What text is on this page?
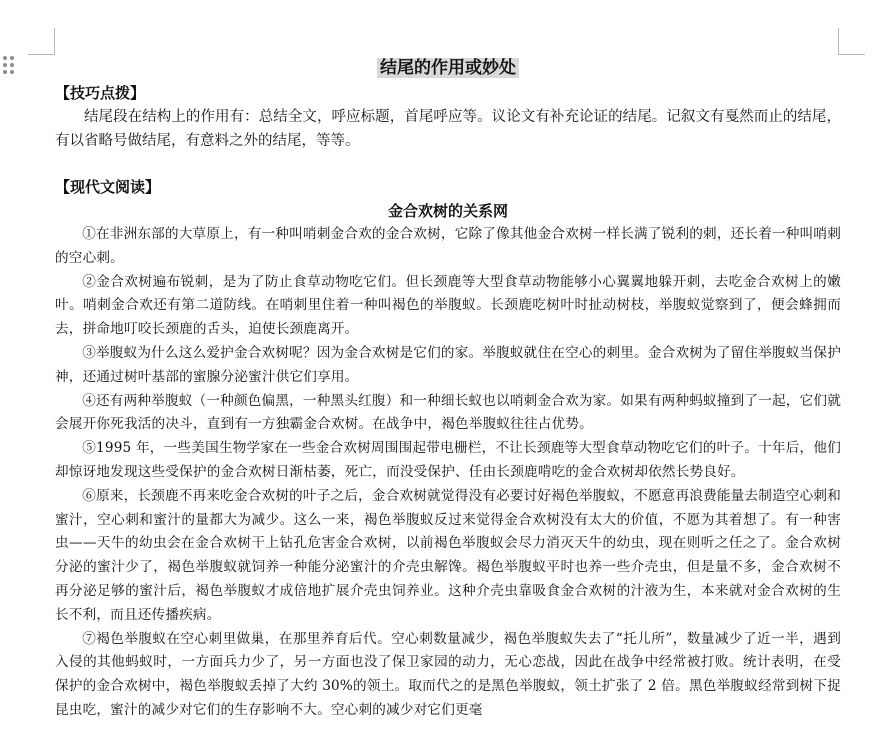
结尾的作用或妙处

【技巧点拨】

结尾段在结构上的作用有：总结全文，呼应标题，首尾呼应等。议论文有补充论证的结尾。记叙文有戛然而止的结尾，有以省略号做结尾，有意料之外的结尾，等等。

【现代文阅读】

金合欢树的关系网

①在非洲东部的大草原上，有一种叫哨刺金合欢的金合欢树，它除了像其他金合欢树一样长满了锐利的刺，还长着一种叫哨刺的空心刺。

②金合欢树遍布锐刺，是为了防止食草动物吃它们。但长颈鹿等大型食草动物能够小心翼翼地躲开刺，去吃金合欢树上的嫩叶。哨刺金合欢还有第二道防线。在哨刺里住着一种叫褐色的举腹蚁。长颈鹿吃树叶时扯动树枝，举腹蚁觉察到了，便会蜂拥而去，拼命地叮咬长颈鹿的舌头，迫使长颈鹿离开。

③举腹蚁为什么这么爱护金合欢树呢？因为金合欢树是它们的家。举腹蚁就住在空心的刺里。金合欢树为了留住举腹蚁当保护神，还通过树叶基部的蜜腺分泌蜜汁供它们享用。

④还有两种举腹蚁（一种颜色偏黑，一种黑头红腹）和一种细长蚁也以哨刺金合欢为家。如果有两种蚂蚁撞到了一起，它们就会展开你死我活的决斗，直到有一方独霸金合欢树。在战争中，褐色举腹蚁往往占优势。

⑤1995 年，一些美国生物学家在一些金合欢树周围围起带电栅栏，不让长颈鹿等大型食草动物吃它们的叶子。十年后，他们却惊讶地发现这些受保护的金合欢树日渐枯萎，死亡，而没受保护、任由长颈鹿啃吃的金合欢树却依然长势良好。

⑥原来，长颈鹿不再来吃金合欢树的叶子之后，金合欢树就觉得没有必要讨好褐色举腹蚁，不愿意再浪费能量去制造空心刺和蜜汁，空心刺和蜜汁的量都大为减少。这么一来，褐色举腹蚁反过来觉得金合欢树没有太大的价值，不愿为其着想了。有一种害虫——天牛的幼虫会在金合欢树干上钻孔危害金合欢树，以前褐色举腹蚁会尽力消灭天牛的幼虫，现在则听之任之了。金合欢树分泌的蜜汁少了，褐色举腹蚁就饲养一种能分泌蜜汁的介壳虫解馋。褐色举腹蚁平时也养一些介壳虫，但是量不多，金合欢树不再分泌足够的蜜汁后，褐色举腹蚁才成倍地扩展介壳虫饲养业。这种介壳虫靠吸食金合欢树的汁液为生，本来就对金合欢树的生长不利，而且还传播疾病。

⑦褐色举腹蚁在空心刺里做巢，在那里养育后代。空心刺数量减少，褐色举腹蚁失去了“托儿所”，数量减少了近一半，遇到入侵的其他蚂蚁时，一方面兵力少了，另一方面也没了保卫家园的动力，无心恋战，因此在战争中经常被打败。统计表明，在受保护的金合欢树中，褐色举腹蚁丢掉了大约 30%的领土。取而代之的是黑色举腹蚁，领土扩张了 2 倍。黑色举腹蚁经常到树下捉昆虫吃，蜜汁的减少对它们的生存影响不大。空心刺的减少对它们更毫
